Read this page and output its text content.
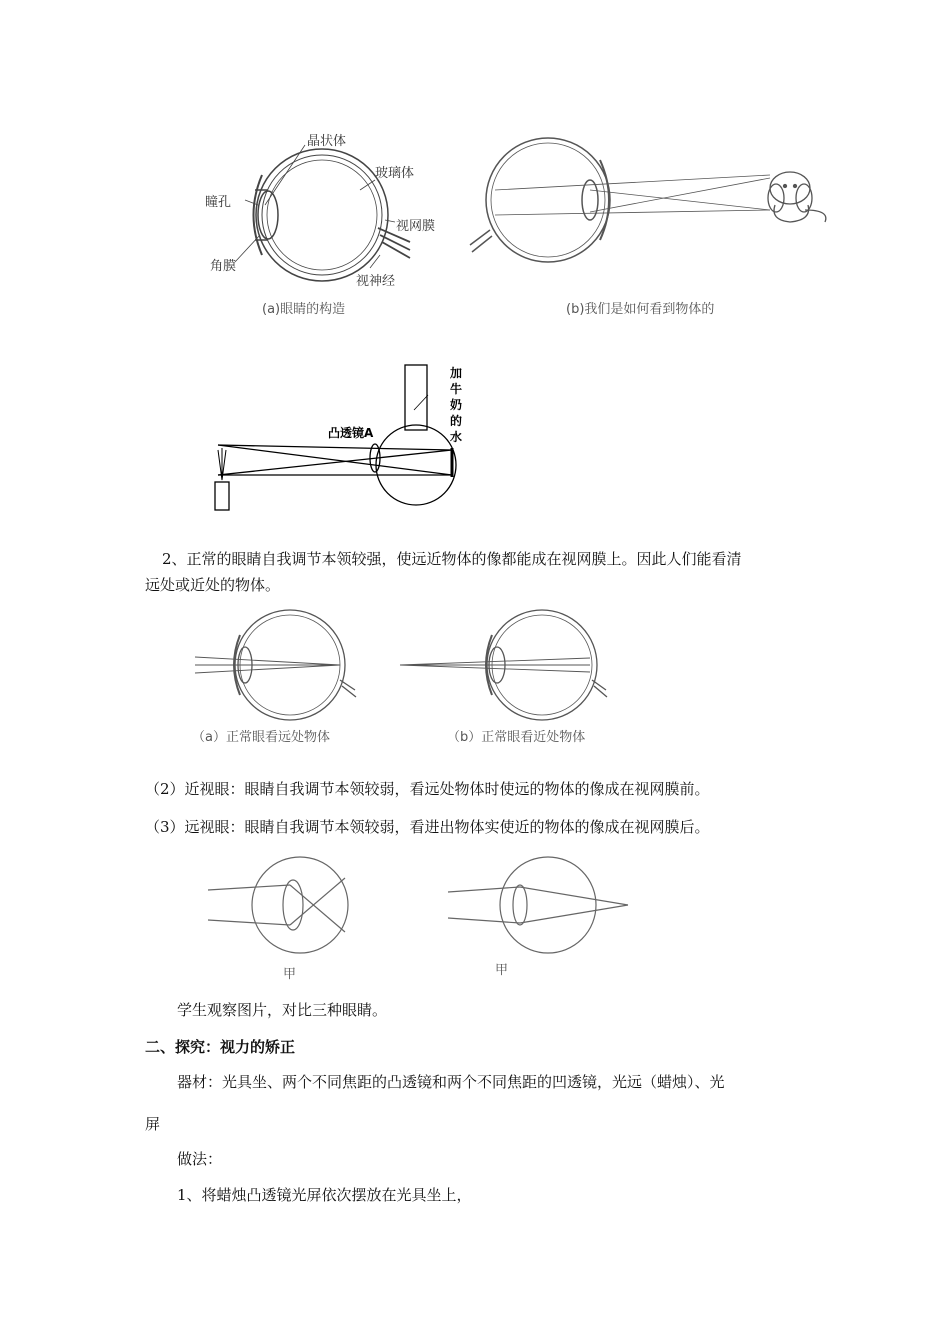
晶状体
玻璃体
瞳孔
视网膜
角膜
视神经
(a)眼睛的构造	(b)我们是如何看到物体的
凸透镜A
加
牛
奶
的
水
2、正常的眼睛自我调节本领较强，使远近物体的像都能成在视网膜上。因此人们能看清
远处或近处的物体。
（a）正常眼看远处物体	（b）正常眼看近处物体
（2）近视眼：眼睛自我调节本领较弱，看远处物体时使远的物体的像成在视网膜前。
（3）远视眼：眼睛自我调节本领较弱，看进出物体实使近的物体的像成在视网膜后。
甲	甲
学生观察图片，对比三种眼睛。
二、探究：视力的矫正
器材：光具坐、两个不同焦距的凸透镜和两个不同焦距的凹透镜，光远（蜡烛）、光
屏
做法：
1、将蜡烛凸透镜光屏依次摆放在光具坐上，
